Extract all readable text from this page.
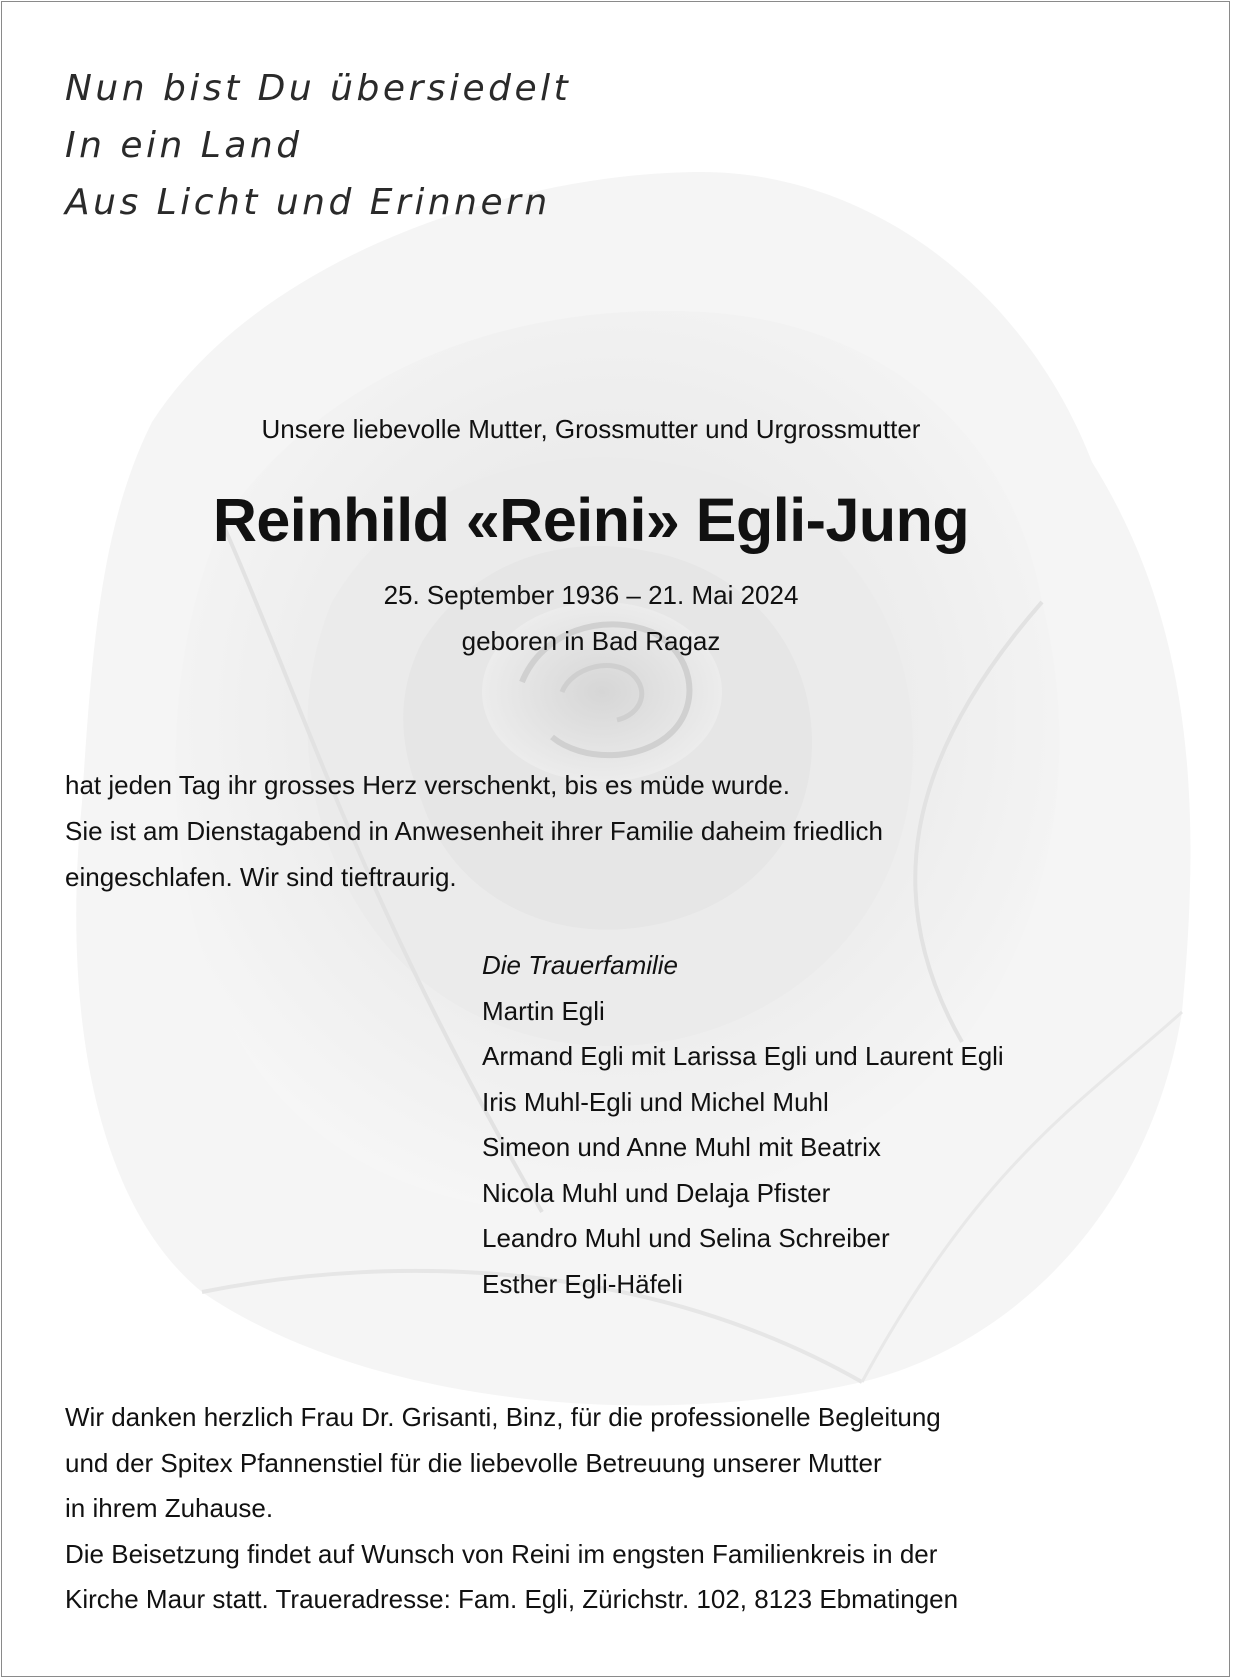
Nun bist Du übersiedelt
In ein Land
Aus Licht und Erinnern
Unsere liebevolle Mutter, Grossmutter und Urgrossmutter
Reinhild «Reini» Egli-Jung
25. September 1936 – 21. Mai 2024
geboren in Bad Ragaz
hat jeden Tag ihr grosses Herz verschenkt, bis es müde wurde.
Sie ist am Dienstagabend in Anwesenheit ihrer Familie daheim friedlich
eingeschlafen. Wir sind tieftraurig.
Die Trauerfamilie
Martin Egli
Armand Egli mit Larissa Egli und Laurent Egli
Iris Muhl-Egli und Michel Muhl
Simeon und Anne Muhl mit Beatrix
Nicola Muhl und Delaja Pfister
Leandro Muhl und Selina Schreiber
Esther Egli-Häfeli
Wir danken herzlich Frau Dr. Grisanti, Binz, für die professionelle Begleitung
und der Spitex Pfannenstiel für die liebevolle Betreuung unserer Mutter
in ihrem Zuhause.
Die Beisetzung findet auf Wunsch von Reini im engsten Familienkreis in der
Kirche Maur statt. Traueradresse: Fam. Egli, Zürichstr. 102, 8123 Ebmatingen
